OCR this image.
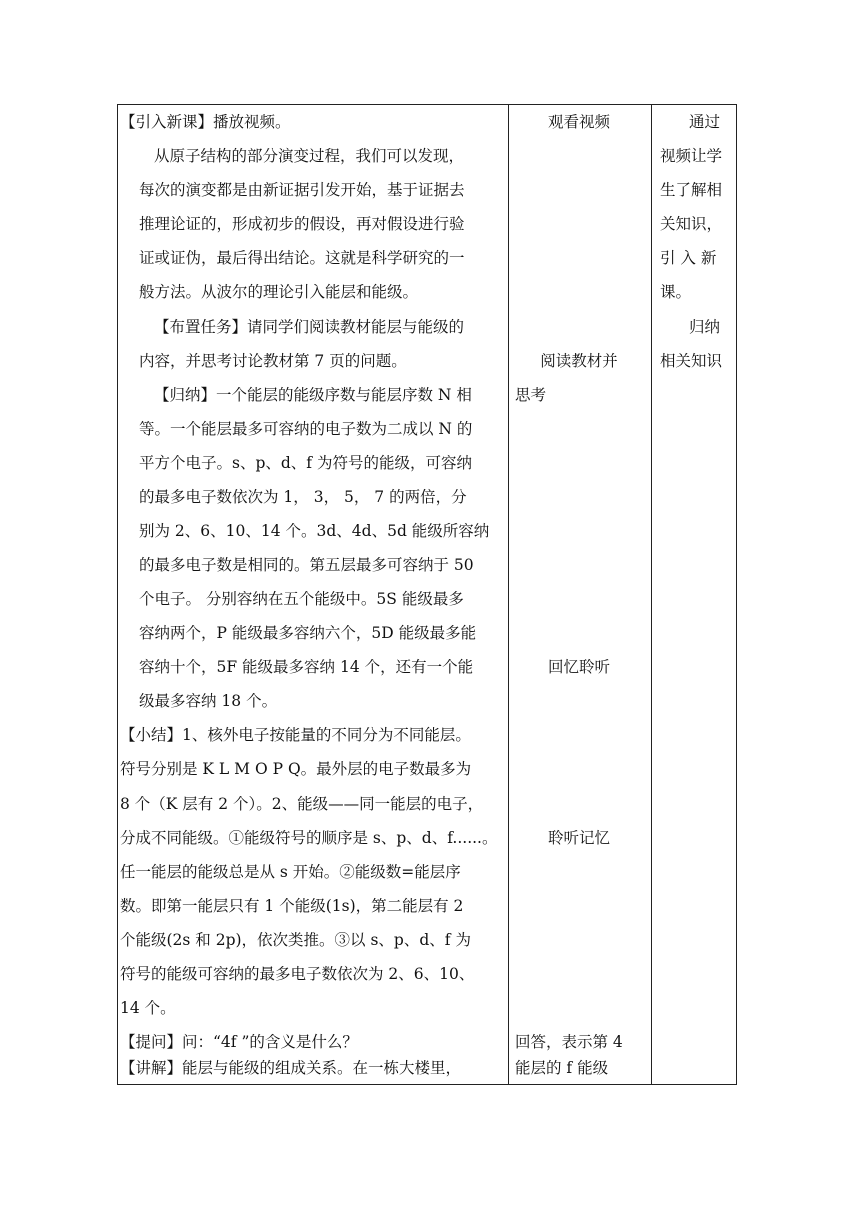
【引入新课】播放视频。
从原子结构的部分演变过程，我们可以发现，
每次的演变都是由新证据引发开始，基于证据去
推理论证的，形成初步的假设，再对假设进行验
证或证伪，最后得出结论。这就是科学研究的一
般方法。从波尔的理论引入能层和能级。
【布置任务】请同学们阅读教材能层与能级的
内容，并思考讨论教材第 7 页的问题。
【归纳】一个能层的能级序数与能层序数 N 相
等。一个能层最多可容纳的电子数为二成以 N 的
平方个电子。s、p、d、f 为符号的能级，可容纳
的最多电子数依次为 1， 3， 5， 7 的两倍，分
别为 2、6、10、14 个。3d、4d、5d 能级所容纳
的最多电子数是相同的。第五层最多可容纳于 50
个电子。 分别容纳在五个能级中。5S 能级最多
容纳两个，P 能级最多容纳六个，5D 能级最多能
容纳十个，5F 能级最多容纳 14 个，还有一个能
级最多容纳 18 个。
【小结】1、核外电子按能量的不同分为不同能层。
符号分别是 K L M O P Q。最外层的电子数最多为
8 个（K 层有 2 个）。2、能级——同一能层的电子，
分成不同能级。①能级符号的顺序是 s、p、d、f......。
任一能层的能级总是从 s 开始。②能级数=能层序
数。即第一能层只有 1 个能级(1s)，第二能层有 2
个能级(2s 和 2p)，依次类推。③以 s、p、d、f 为
符号的能级可容纳的最多电子数依次为 2、6、10、
14 个。
【提问】问：“4f ”的含义是什么？
【讲解】能层与能级的组成关系。在一栋大楼里，
观看视频
阅读教材并
思考
回忆聆听
聆听记忆
回答，表示第 4
能层的 f 能级
通过
视频让学
生了解相
关知识，
引 入 新
课。
归纳
相关知识
